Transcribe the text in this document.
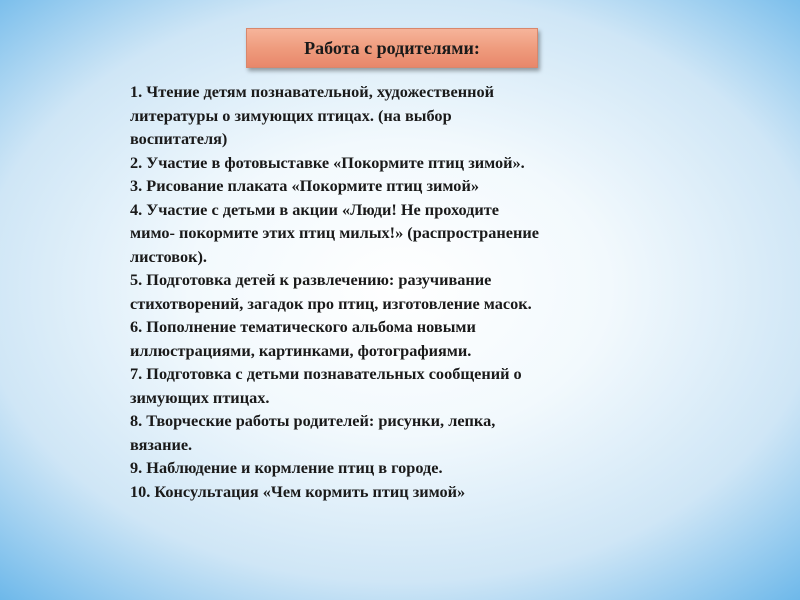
Работа с родителями:
1. Чтение детям познавательной, художественной
литературы о зимующих птицах. (на выбор
воспитателя)
2. Участие в фотовыставке «Покормите птиц зимой».
3. Рисование плаката «Покормите птиц зимой»
4. Участие с детьми в акции «Люди! Не проходите
мимо- покормите этих птиц милых!» (распространение
листовок).
5. Подготовка детей к развлечению: разучивание
стихотворений, загадок про птиц, изготовление масок.
6. Пополнение тематического альбома новыми
иллюстрациями, картинками, фотографиями.
7. Подготовка с детьми познавательных сообщений о
зимующих птицах.
8. Творческие работы родителей: рисунки, лепка,
вязание.
9. Наблюдение и кормление птиц в городе.
10. Консультация «Чем кормить птиц зимой»
